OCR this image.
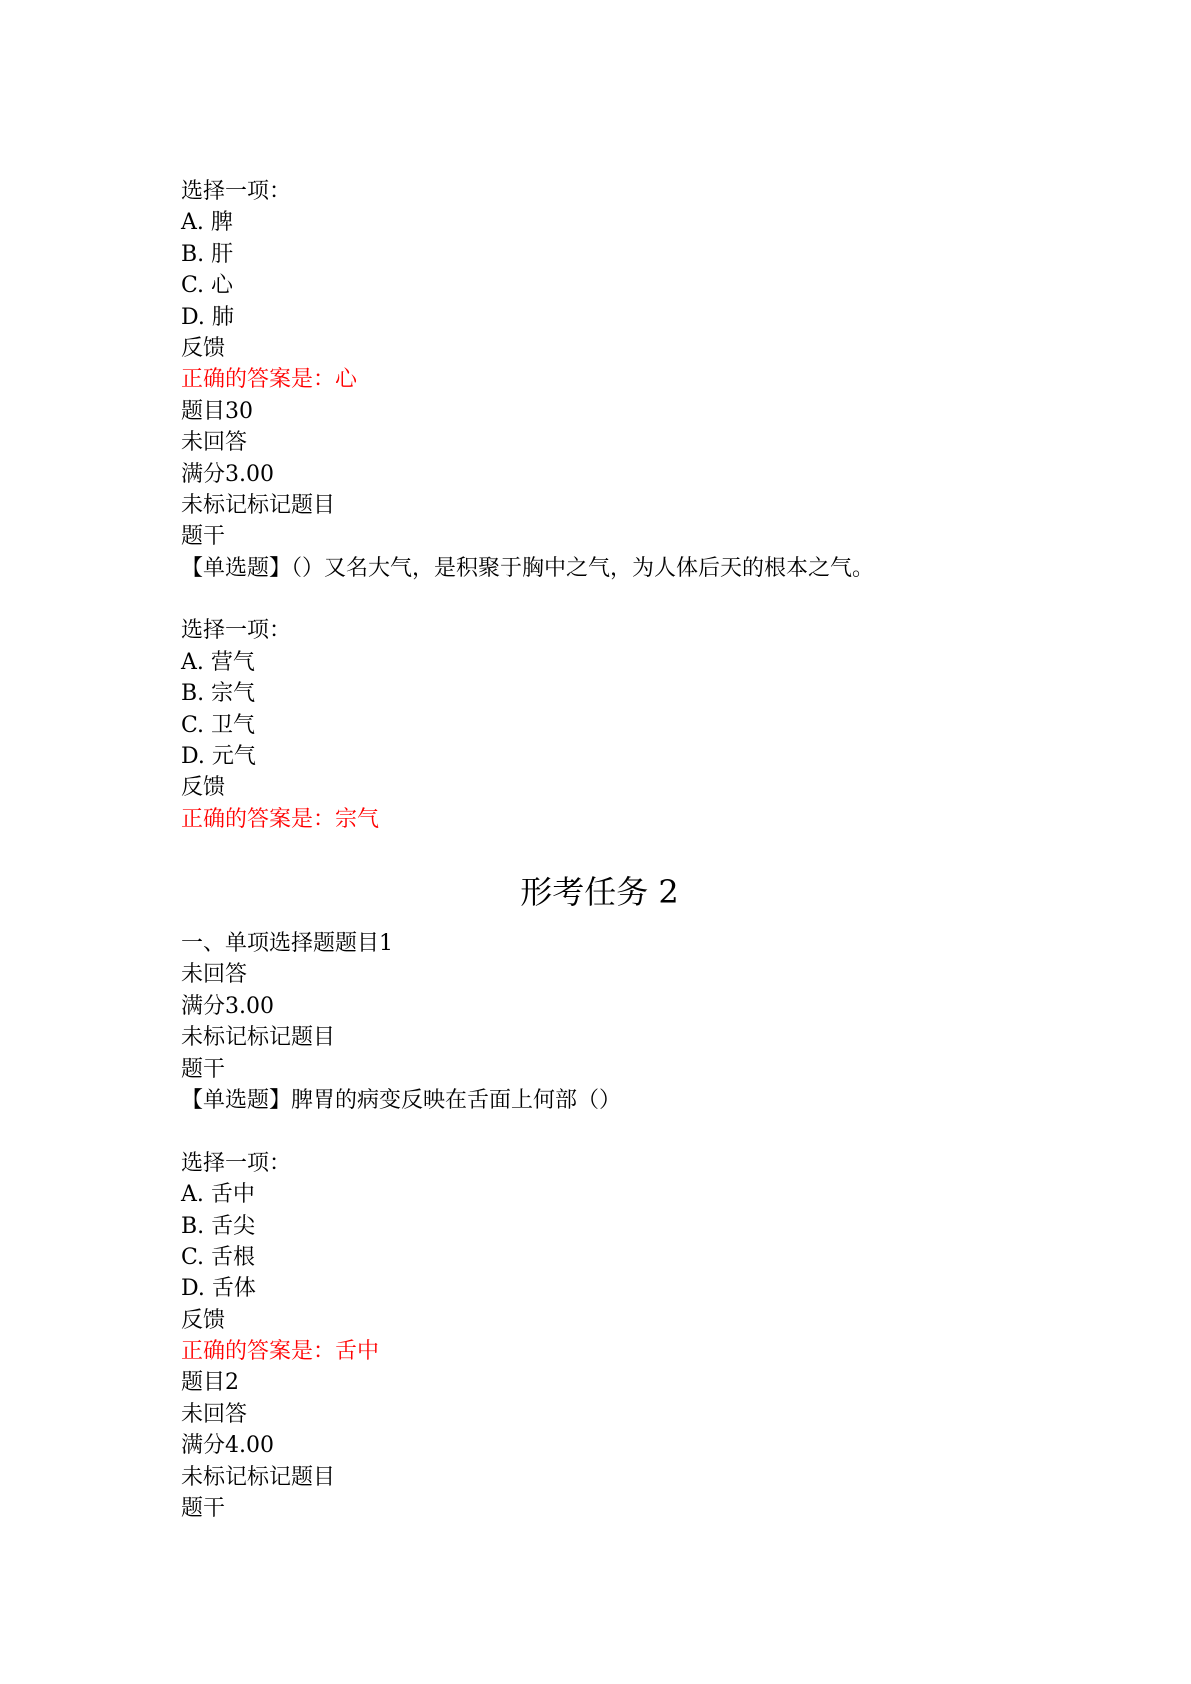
选择一项：
A. 脾
B. 肝
C. 心
D. 肺
反馈
正确的答案是：心
题目30
未回答
满分3.00
未标记标记题目
题干
【单选题】（）又名大气，是积聚于胸中之气，为人体后天的根本之气。
选择一项：
A. 营气
B. 宗气
C. 卫气
D. 元气
反馈
正确的答案是：宗气
形考任务 2
一、单项选择题题目1
未回答
满分3.00
未标记标记题目
题干
【单选题】脾胃的病变反映在舌面上何部（）
选择一项：
A. 舌中
B. 舌尖
C. 舌根
D. 舌体
反馈
正确的答案是：舌中
题目2
未回答
满分4.00
未标记标记题目
题干
